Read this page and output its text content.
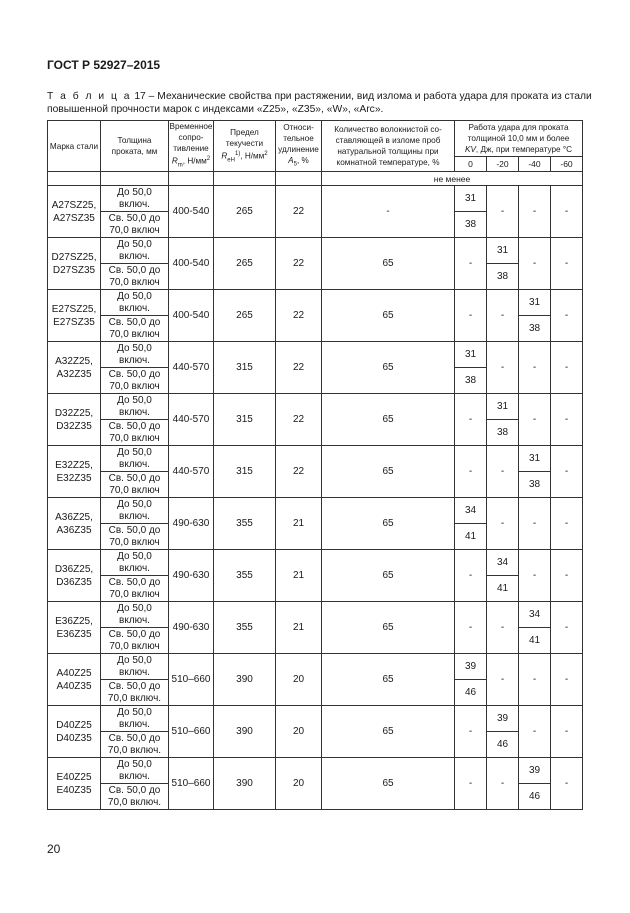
ГОСТ Р 52927–2015
Т а б л и ц а 17 – Механические свойства при растяжении, вид излома и работа удара для проката из стали повышенной прочности марок с индексами «Z25», «Z35», «W», «Arc».
Марка стали	Толщина проката, мм	Временное сопротивление
$R_m$, $Н/мм^2$	Предел текучести
$R_{eH}^{1)}$, $Н/мм^2$	Относительное удлинение
$A_5$, %	Количество волокнистой составляющей в изломе проб натуральной толщины при комнатной температуре, %	Работа удара для проката толщиной 10,0 мм и более
KV, Дж, при температуре °С			
						0	-20	-40	-60
					не менее				
A27SZ25,
A27SZ35	До 50,0 включ.	400-540	265	22	-	31	-	-	-
	Св. 50,0 до 70,0 включ					38			
D27SZ25,
D27SZ35	До 50,0 включ.	400-540	265	22	65	-	31	-	-
	Св. 50,0 до 70,0 включ						38		
E27SZ25,
E27SZ35	До 50,0 включ.	400-540	265	22	65	-	-	31	-
	Св. 50,0 до 70,0 включ							38	
A32Z25,
A32Z35	До 50,0 включ.	440-570	315	22	65	31	-	-	-
	Св. 50,0 до 70,0 включ					38			
D32Z25,
D32Z35	До 50,0 включ.	440-570	315	22	65	-	31	-	-
	Св. 50,0 до 70,0 включ						38		
E32Z25,
E32Z35	До 50,0 включ.	440-570	315	22	65	-	-	31	-
	Св. 50,0 до 70,0 включ							38	
A36Z25,
A36Z35	До 50,0 включ.	490-630	355	21	65	34	-	-	-
	Св. 50,0 до 70,0 включ					41			
D36Z25,
D36Z35	До 50,0 включ.	490-630	355	21	65	-	34	-	-
	Св. 50,0 до 70,0 включ						41		
E36Z25,
E36Z35	До 50,0 включ.	490-630	355	21	65	-	-	34	-
	Св. 50,0 до 70,0 включ							41	
A40Z25
A40Z35	До 50,0 включ.	510–660	390	20	65	39	-	-	-
	Св. 50,0 до 70,0 включ.					46			
D40Z25
D40Z35	До 50,0 включ.	510–660	390	20	65	-	39	-	-
	Св. 50,0 до 70,0 включ.						46		
E40Z25
E40Z35	До 50,0 включ.	510–660	390	20	65	-	-	39	-
	Св. 50,0 до 70,0 включ.							46	
20
